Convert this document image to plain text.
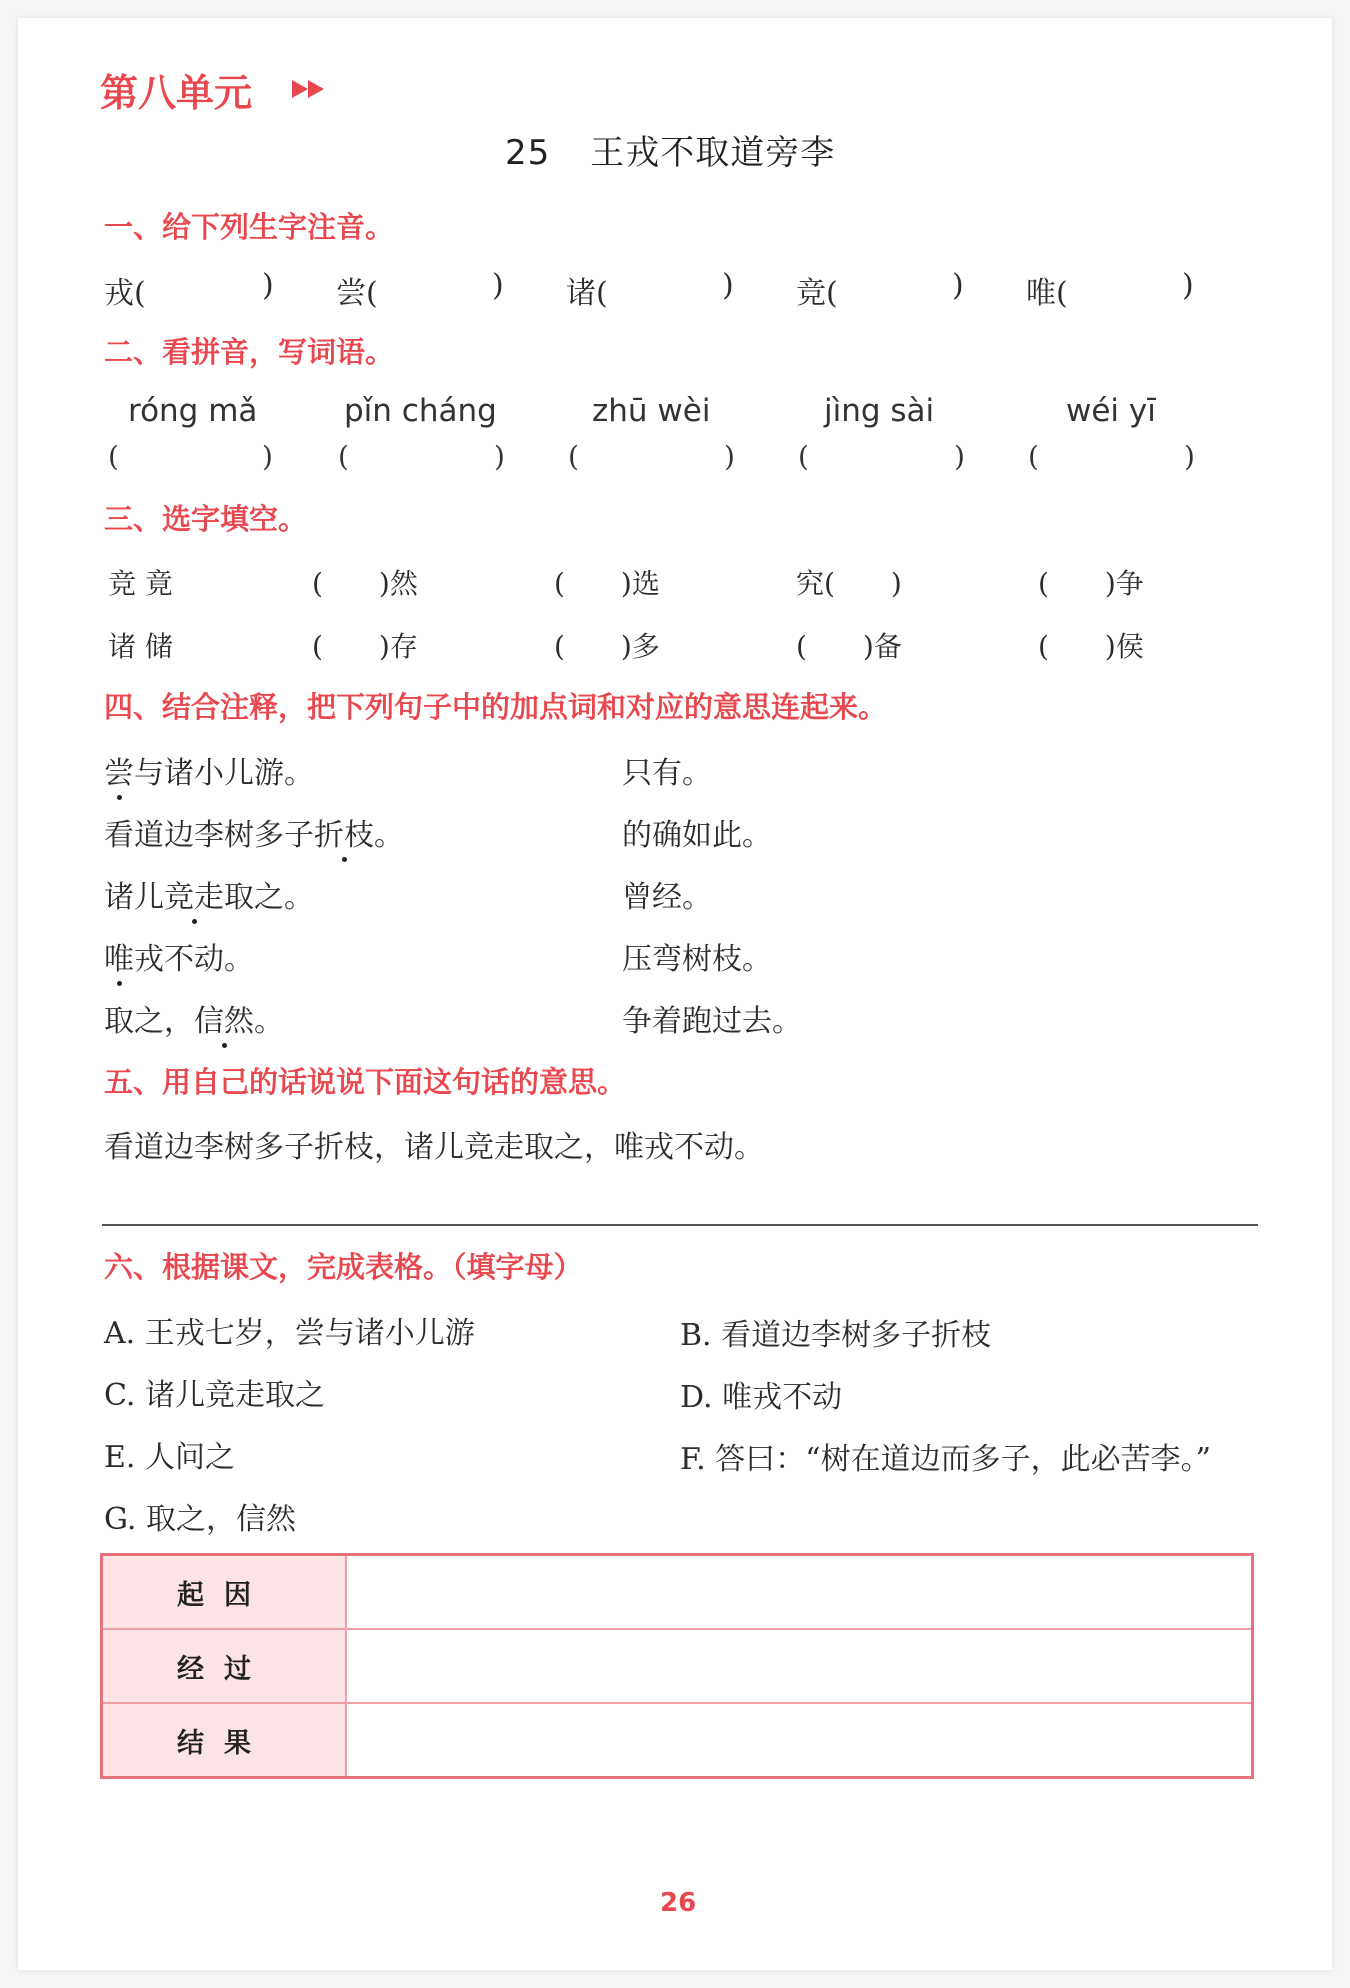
第八单元
25 王戎不取道旁李
一、给下列生字注音。
戎(	) 尝(	) 诸(	) 竞(	) 唯(	)
二、看拼音，写词语。
róng mǎ	pǐn cháng	zhū wèi	jìng sài	wéi yī
(	) (	) (	) (	) (	)
三、选字填空。
竞 竟	(　　)然	(　　)选	究(　　)	(　　)争
诸 储	(　　)存	(　　)多	(　　)备	(　　)侯
四、结合注释，把下列句子中的加点词和对应的意思连起来。
尝与诸小儿游。
看道边李树多子折枝。
诸儿竞走取之。
唯戎不动。
取之，信然。
只有。
的确如此。
曾经。
压弯树枝。
争着跑过去。
五、用自己的话说说下面这句话的意思。
看道边李树多子折枝，诸儿竞走取之，唯戎不动。
六、根据课文，完成表格。（填字母）
A. 王戎七岁，尝与诸小儿游	B. 看道边李树多子折枝
C. 诸儿竞走取之	D. 唯戎不动
E. 人问之	F. 答曰：“树在道边而多子，此必苦李。”
G. 取之，信然
起因	
经过	
结果	
26
